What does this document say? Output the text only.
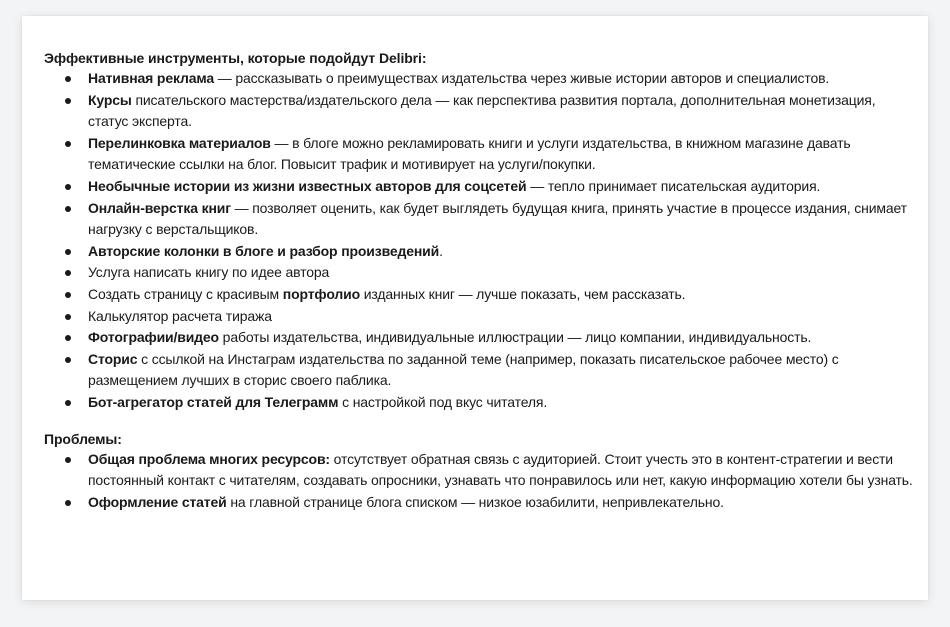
Эффективные инструменты, которые подойдут Delibri:

Нативная реклама — рассказывать о преимуществах издательства через живые истории авторов и специалистов.
Курсы писательского мастерства/издательского дела — как перспектива развития портала, дополнительная монетизация, статус эксперта.
Перелинковка материалов — в блоге можно рекламировать книги и услуги издательства, в книжном магазине давать тематические ссылки на блог. Повысит трафик и мотивирует на услуги/покупки.
Необычные истории из жизни известных авторов для соцсетей — тепло принимает писательская аудитория.
Онлайн-верстка книг — позволяет оценить, как будет выглядеть будущая книга, принять участие в процессе издания, снимает нагрузку с верстальщиков.
Авторские колонки в блоге и разбор произведений.
Услуга написать книгу по идее автора
Создать страницу с красивым портфолио изданных книг — лучше показать, чем рассказать.
Калькулятор расчета тиража
Фотографии/видео работы издательства, индивидуальные иллюстрации — лицо компании, индивидуальность.
Сторис с ссылкой на Инстаграм издательства по заданной теме (например, показать писательское рабочее место) с размещением лучших в сторис своего паблика.
Бот-агрегатор статей для Телеграмм с настройкой под вкус читателя.

Проблемы:

Общая проблема многих ресурсов: отсутствует обратная связь с аудиторией. Стоит учесть это в контент-стратегии и вести постоянный контакт с читателям, создавать опросники, узнавать что понравилось или нет, какую информацию хотели бы узнать.
Оформление статей на главной странице блога списком — низкое юзабилити, непривлекательно.
